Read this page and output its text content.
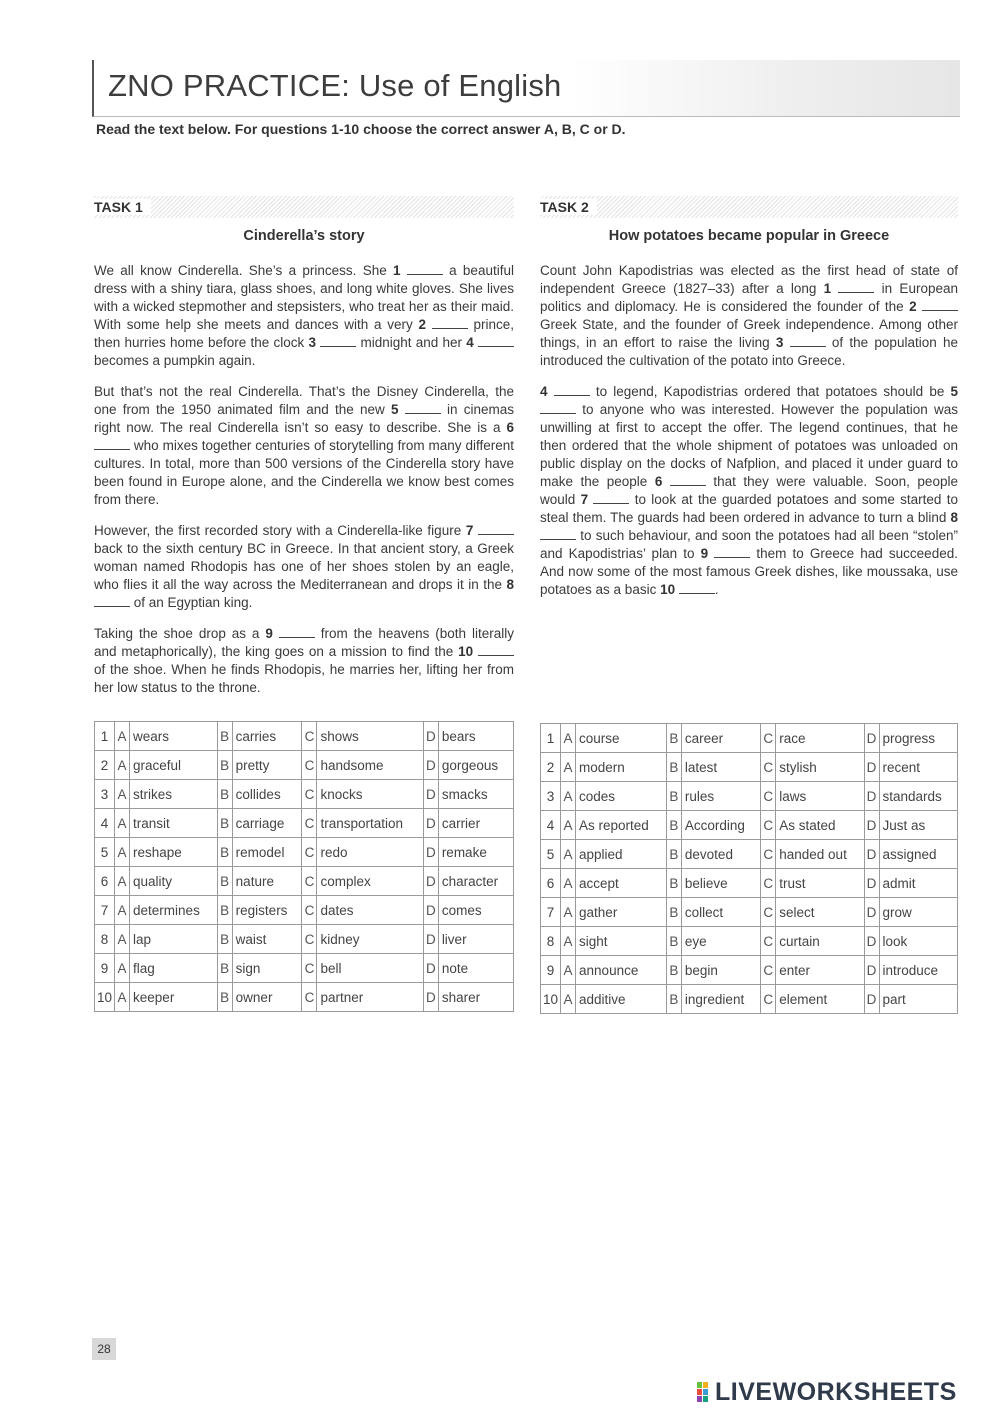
ZNO PRACTICE: Use of English
Read the text below. For questions 1-10 choose the correct answer A, B, C or D.
TASK 1
Cinderella’s story

We all know Cinderella. She’s a princess. She 1	a beautiful dress with a shiny tiara, glass shoes, and long white gloves. She lives with a wicked stepmother and stepsisters, who treat her as their maid. With some help she meets and dances with a very 2	prince, then hurries home before the clock 3	midnight and her 4  becomes a pumpkin again.

But that’s not the real Cinderella. That’s the Disney Cinderella, the one from the 1950 animated film and the new 5	in cinemas right now. The real Cinderella isn’t so easy to describe. She is a 6  who mixes together centuries of storytelling from many different cultures. In total, more than 500 versions of the Cinderella story have been found in Europe alone, and the Cinderella we know best comes from there.

However, the first recorded story with a Cinderella-like figure 7  back to the sixth century BC in Greece. In that ancient story, a Greek woman named Rhodopis has one of her shoes stolen by an eagle, who flies it all the way across the Mediterranean and drops it in the 8  of an Egyptian king.

Taking the shoe drop as a 9	from the heavens (both literally and metaphorically), the king goes on a mission to find the 10  of the shoe. When he finds Rhodopis, he marries her, lifting her from her low status to the throne.

1	A	wears	B	carries	C	shows	D	bears
2	A	graceful	B	pretty	C	handsome	D	gorgeous
3	A	strikes	B	collides	C	knocks	D	smacks
4	A	transit	B	carriage	C	transportation	D	carrier
5	A	reshape	B	remodel	C	redo	D	remake
6	A	quality	B	nature	C	complex	D	character
7	A	determines	B	registers	C	dates	D	comes
8	A	lap	B	waist	C	kidney	D	liver
9	A	flag	B	sign	C	bell	D	note
10	A	keeper	B	owner	C	partner	D	sharer
TASK 2
How potatoes became popular in Greece

Count John Kapodistrias was elected as the first head of state of independent Greece (1827–33) after a long 1	in European politics and diplomacy. He is considered the founder of the 2  Greek State, and the founder of Greek independence. Among other things, in an effort to raise the living 3	of the population he introduced the cultivation of the potato into Greece.

4	to legend, Kapodistrias ordered that potatoes should be 5  to anyone who was interested. However the population was unwilling at first to accept the offer. The legend continues, that he then ordered that the whole shipment of potatoes was unloaded on public display on the docks of Nafplion, and placed it under guard to make the people 6	that they were valuable. Soon, people would 7	to look at the guarded potatoes and some started to steal them. The guards had been ordered in advance to turn a blind 8  to such behaviour, and soon the potatoes had all been “stolen” and Kapodistrias’ plan to 9	them to Greece had succeeded. And now some of the most famous Greek dishes, like moussaka, use potatoes as a basic 10	.

1	A	course	B	career	C	race	D	progress
2	A	modern	B	latest	C	stylish	D	recent
3	A	codes	B	rules	C	laws	D	standards
4	A	As reported	B	According	C	As stated	D	Just as
5	A	applied	B	devoted	C	handed out	D	assigned
6	A	accept	B	believe	C	trust	D	admit
7	A	gather	B	collect	C	select	D	grow
8	A	sight	B	eye	C	curtain	D	look
9	A	announce	B	begin	C	enter	D	introduce
10	A	additive	B	ingredient	C	element	D	part
28
LIVEWORKSHEETS
